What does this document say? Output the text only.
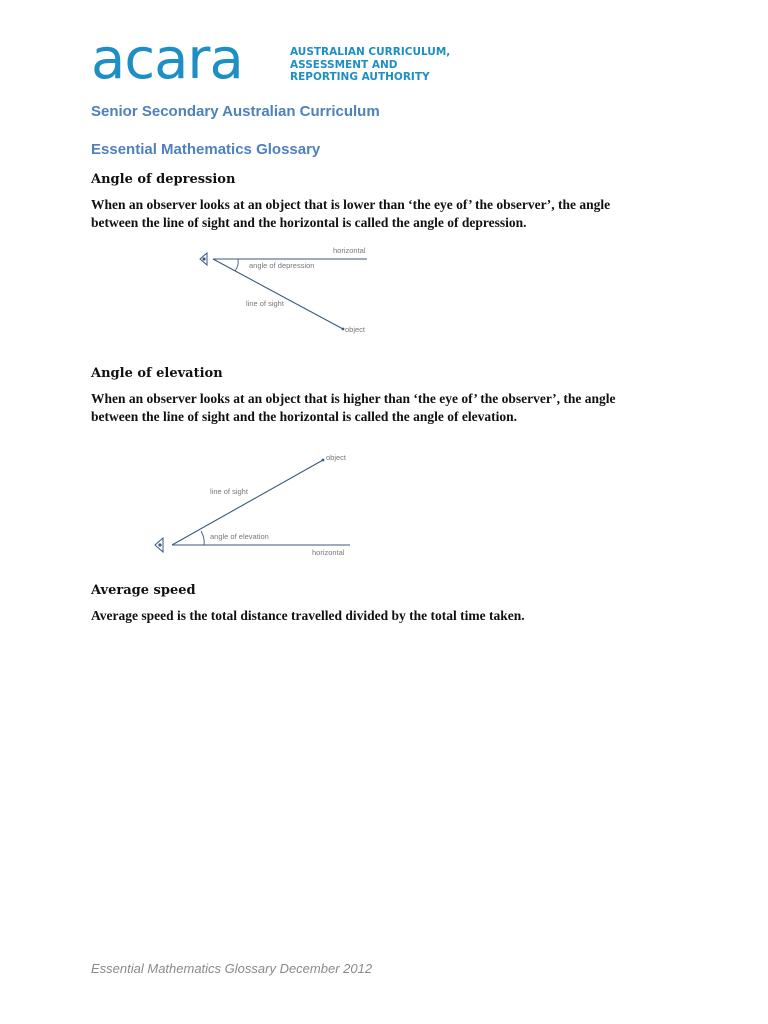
acara	AUSTRALIAN CURRICULUM,
ASSESSMENT AND
REPORTING AUTHORITY
Senior Secondary Australian Curriculum
Essential Mathematics Glossary
Angle of depression

When an observer looks at an object that is lower than ‘the eye of’ the observer’, the angle between the line of sight and the horizontal is called the angle of depression.

horizontal
angle of depression
line of sight
object
Angle of elevation

When an observer looks at an object that is higher than ‘the eye of’ the observer’, the angle between the line of sight and the horizontal is called the angle of elevation.

object
line of sight
angle of elevation
horizontal
Average speed

Average speed is the total distance travelled divided by the total time taken.

Essential Mathematics Glossary December 2012
